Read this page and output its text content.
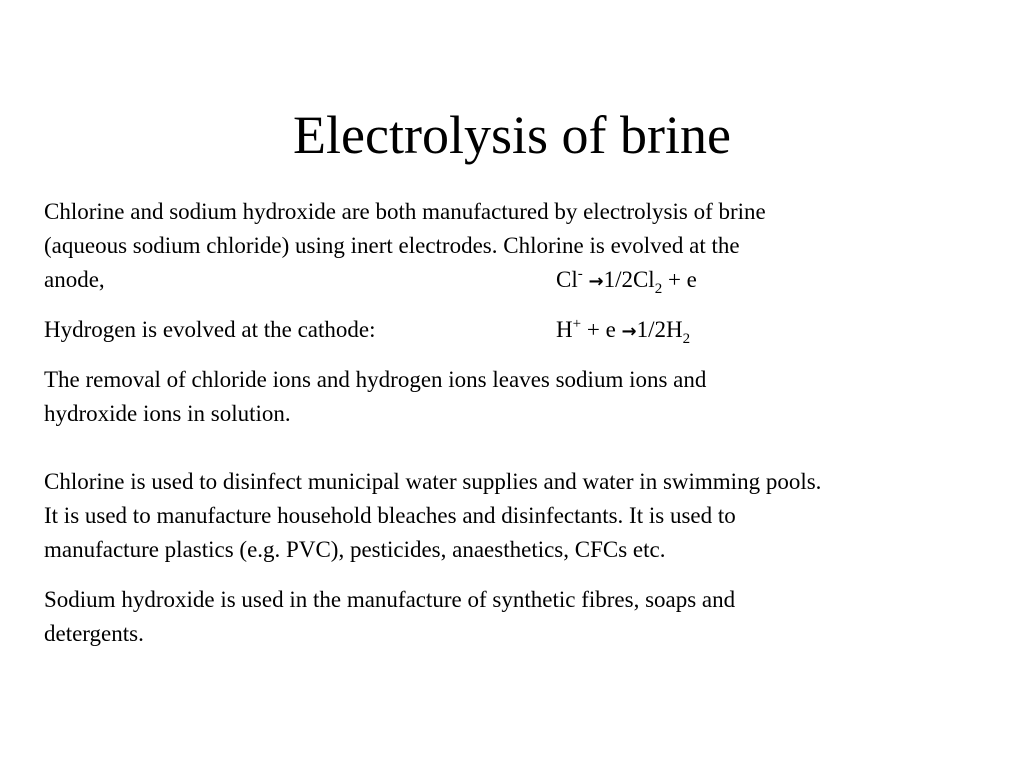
Electrolysis of brine
Chlorine and sodium hydroxide are both manufactured by electrolysis of brine
(aqueous sodium chloride) using inert electrodes. Chlorine is evolved at the
anode,	$Cl^- \to 1/2Cl_2 + e$
Hydrogen is evolved at the cathode:	$H^+ + e \to 1/2H_2$
The removal of chloride ions and hydrogen ions leaves sodium ions and
hydroxide ions in solution.
Chlorine is used to disinfect municipal water supplies and water in swimming pools.
It is used to manufacture household bleaches and disinfectants. It is used to
manufacture plastics (e.g. PVC), pesticides, anaesthetics, CFCs etc.
Sodium hydroxide is used in the manufacture of synthetic fibres, soaps and
detergents.
